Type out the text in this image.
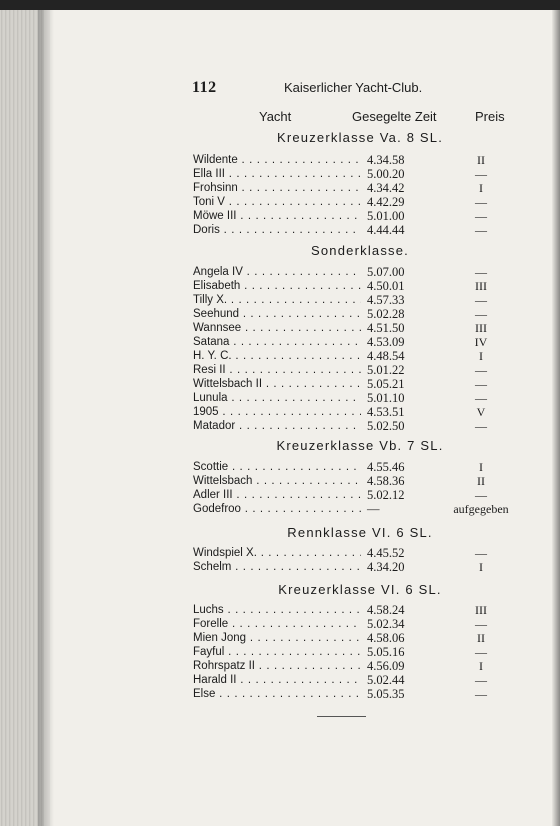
112	Kaiserlicher Yacht-Club.
Yacht	Gesegelte Zeit	Preis
Kreuzerklasse Va. 8 SL.
Wildente . . .	4.34.58	II
Ella III . . .	5.00.20	—
Frohsinn . . .	4.34.42	I
Toni V . . .	4.42.29	—
Möwe III . . .	5.01.00	—
Doris . . .	4.44.44	—
Sonderklasse.
Angela IV . . .	5.07.00	—
Elisabeth . . .	4.50.01	III
Tilly X. . . .	4.57.33	—
Seehund . . .	5.02.28	—
Wannsee . . .	4.51.50	III
Satana . . .	4.53.09	IV
H. Y. C. . . .	4.48.54	I
Resi II . . .	5.01.22	—
Wittelsbach II . . .	5.05.21	—
Lunula . . .	5.01.10	—
1905 . . .	4.53.51	V
Matador . . .	5.02.50	—
Kreuzerklasse Vb. 7 SL.
Scottie . . .	4.55.46	I
Wittelsbach . . .	4.58.36	II
Adler III . . .	5.02.12	—
Godefroo . . .	—	aufgegeben
Rennklasse VI. 6 SL.
Windspiel X. . . .	4.45.52	—
Schelm . . .	4.34.20	I
Kreuzerklasse VI. 6 SL.
Luchs . . .	4.58.24	III
Forelle . . .	5.02.34	—
Mien Jong . . .	4.58.06	II
Fayful . . .	5.05.16	—
Rohrspatz II . . .	4.56.09	I
Harald II . . .	5.02.44	—
Else . . .	5.05.35	—
